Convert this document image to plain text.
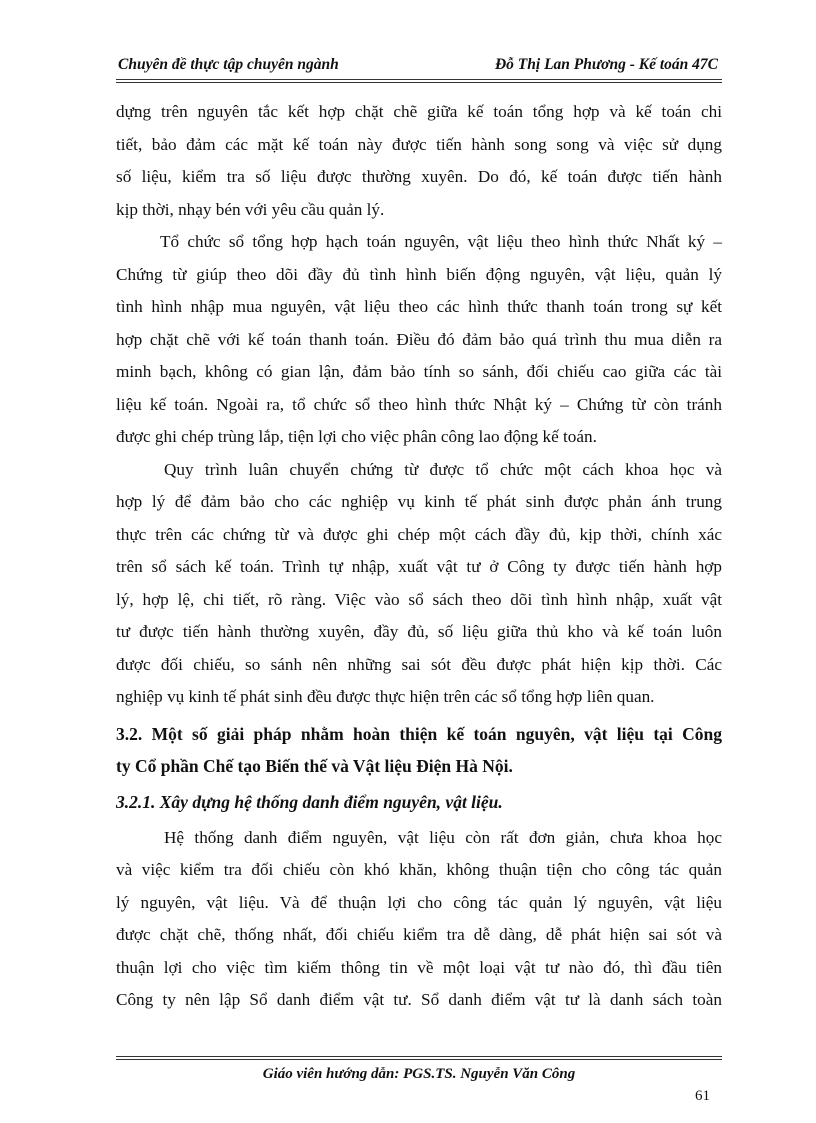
Chuyên đề thực tập chuyên ngành	Đỗ Thị Lan Phương - Kế toán 47C

dựng trên nguyên tắc kết hợp chặt chẽ giữa kế toán tổng hợp và kế toán chi
tiết, bảo đảm các mặt kế toán này được tiến hành song song và việc sử dụng
số liệu, kiểm tra số liệu được thường xuyên. Do đó, kế toán được tiến hành
kịp thời, nhạy bén với yêu cầu quản lý.

Tổ chức sổ tổng hợp hạch toán nguyên, vật liệu theo hình thức Nhất ký –
Chứng từ giúp theo dõi đầy đủ tình hình biến động nguyên, vật liệu, quản lý
tình hình nhập mua nguyên, vật liệu theo các hình thức thanh toán trong sự kết
hợp chặt chẽ với kế toán thanh toán. Điều đó đảm bảo quá trình thu mua diễn ra
minh bạch, không có gian lận, đảm bảo tính so sánh, đối chiếu cao giữa các tài
liệu kế toán. Ngoài ra, tổ chức sổ theo hình thức Nhật ký – Chứng từ còn tránh
được ghi chép trùng lắp, tiện lợi cho việc phân công lao động kế toán.

Quy trình luân chuyển chứng từ được tổ chức một cách khoa học và
hợp lý để đảm bảo cho các nghiệp vụ kinh tế phát sinh được phản ánh trung
thực trên các chứng từ và được ghi chép một cách đầy đủ, kịp thời, chính xác
trên sổ sách kế toán. Trình tự nhập, xuất vật tư ở Công ty được tiến hành hợp
lý, hợp lệ, chi tiết, rõ ràng. Việc vào sổ sách theo dõi tình hình nhập, xuất vật
tư được tiến hành thường xuyên, đầy đủ, số liệu giữa thủ kho và kế toán luôn
được đối chiếu, so sánh nên những sai sót đều được phát hiện kịp thời. Các
nghiệp vụ kinh tế phát sinh đều được thực hiện trên các sổ tổng hợp liên quan.

3.2. Một số giải pháp nhằm hoàn thiện kế toán nguyên, vật liệu tại Công
ty Cổ phần Chế tạo Biến thế và Vật liệu Điện Hà Nội.
3.2.1. Xây dựng hệ thống danh điểm nguyên, vật liệu.

Hệ thống danh điểm nguyên, vật liệu còn rất đơn giản, chưa khoa học
và việc kiểm tra đối chiếu còn khó khăn, không thuận tiện cho công tác quản
lý nguyên, vật liệu. Và để thuận lợi cho công tác quản lý nguyên, vật liệu
được chặt chẽ, thống nhất, đối chiếu kiểm tra dễ dàng, dễ phát hiện sai sót và
thuận lợi cho việc tìm kiếm thông tin về một loại vật tư nào đó, thì đầu tiên
Công ty nên lập Sổ danh điểm vật tư. Sổ danh điểm vật tư là danh sách toàn

Giáo viên hướng dẫn: PGS.TS. Nguyễn Văn Công
61
